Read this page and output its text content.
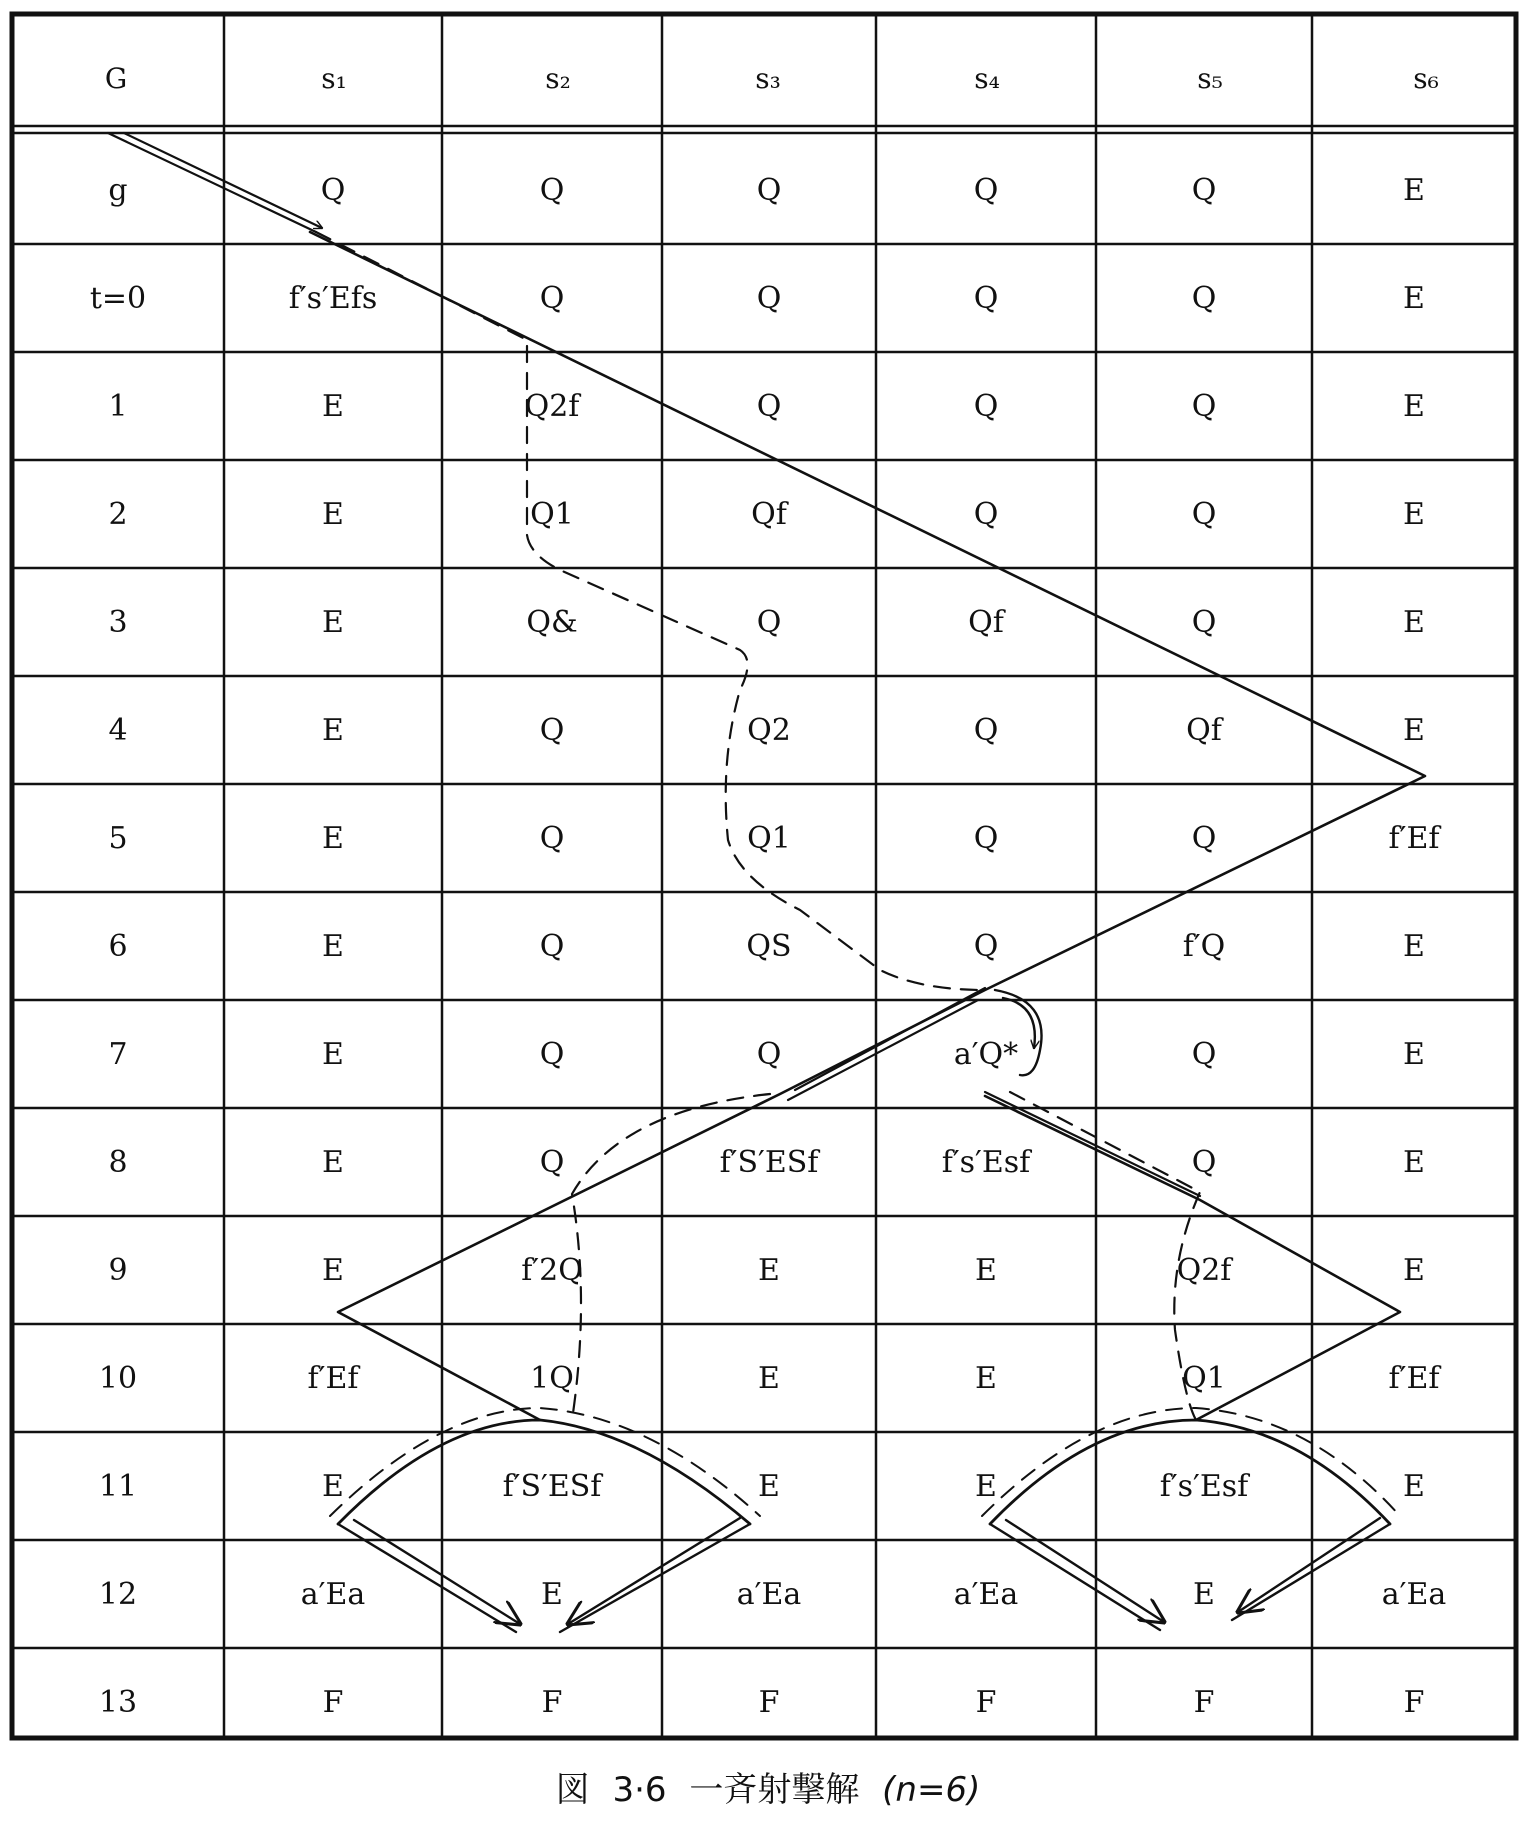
G	s₁	s₂	s₃	s₄	s₅	s₆
g	Q	Q	Q	Q	Q	E
t=0	f′s′Efs	Q	Q	Q	Q	E
1	E	Q2f	Q	Q	Q	E
2	E	Q1	Qf	Q	Q	E
3	E	Q&	Q	Qf	Q	E
4	E	Q	Q2	Q	Qf	E
5	E	Q	Q1	Q	Q	f′Ef
6	E	Q	QS	Q	f′Q	E
7	E	Q	Q	a′Q*	Q	E
8	E	Q	f′S′ESf	f′s′Esf	Q	E
9	E	f′2Q	E	E	Q2f	E
10	f′Ef	1Q	E	E	Q1	f′Ef
11	E	f′S′ESf	E	E	f′s′Esf	E
12	a′Ea	E	a′Ea	a′Ea	E	a′Ea
13	F	F	F	F	F	F
図 3·6 一斉射撃解 (n=6)
